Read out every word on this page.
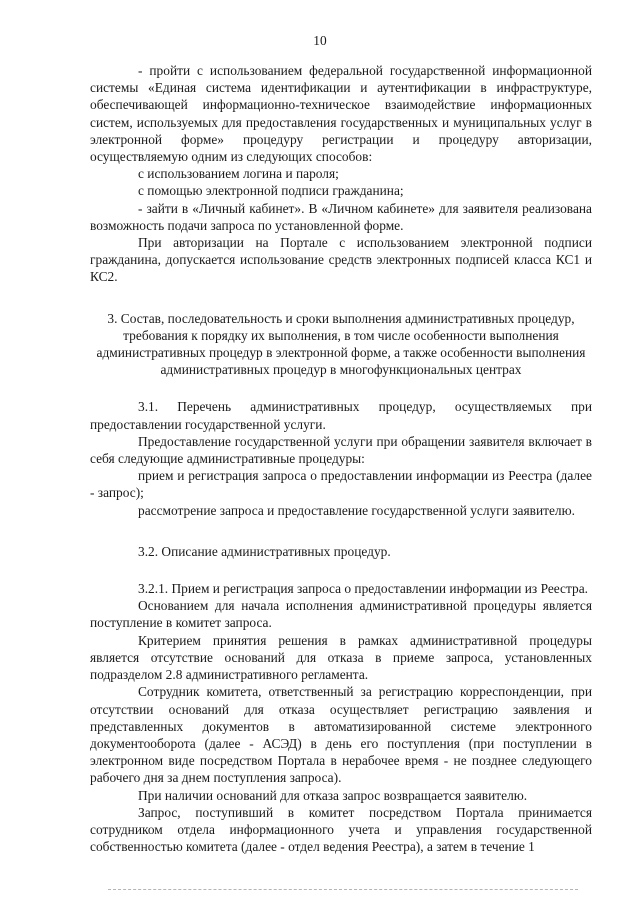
10

- пройти с использованием федеральной государственной информационной системы «Единая система идентификации и аутентификации в инфраструктуре, обеспечивающей информационно-техническое взаимодействие информационных систем, используемых для предоставления государственных и муниципальных услуг в электронной форме» процедуру регистрации и процедуру авторизации, осуществляемую одним из следующих способов:

с использованием логина и пароля;

с помощью электронной подписи гражданина;

- зайти в «Личный кабинет». В «Личном кабинете» для заявителя реализована возможность подачи запроса по установленной форме.

При авторизации на Портале с использованием электронной подписи гражданина, допускается использование средств электронных подписей класса КС1 и КС2.

3. Состав, последовательность и сроки выполнения административных процедур, требования к порядку их выполнения, в том числе особенности выполнения административных процедур в электронной форме, а также особенности выполнения административных процедур в многофункциональных центрах

3.1. Перечень административных процедур, осуществляемых при предоставлении государственной услуги.

Предоставление государственной услуги при обращении заявителя включает в себя следующие административные процедуры:

прием и регистрация запроса о предоставлении информации из Реестра (далее - запрос);

рассмотрение запроса и предоставление государственной услуги заявителю.

3.2. Описание административных процедур.

3.2.1. Прием и регистрация запроса о предоставлении информации из Реестра.

Основанием для начала исполнения административной процедуры является поступление в комитет запроса.

Критерием принятия решения в рамках административной процедуры является отсутствие оснований для отказа в приеме запроса, установленных подразделом 2.8 административного регламента.

Сотрудник комитета, ответственный за регистрацию корреспонденции, при отсутствии оснований для отказа осуществляет регистрацию заявления и представленных документов в автоматизированной системе электронного документооборота (далее - АСЭД) в день его поступления (при поступлении в электронном виде посредством Портала в нерабочее время - не позднее следующего рабочего дня за днем поступления запроса).

При наличии оснований для отказа запрос возвращается заявителю.

Запрос, поступивший в комитет посредством Портала принимается сотрудником отдела информационного учета и управления государственной собственностью комитета (далее - отдел ведения Реестра), а затем в течение 1
